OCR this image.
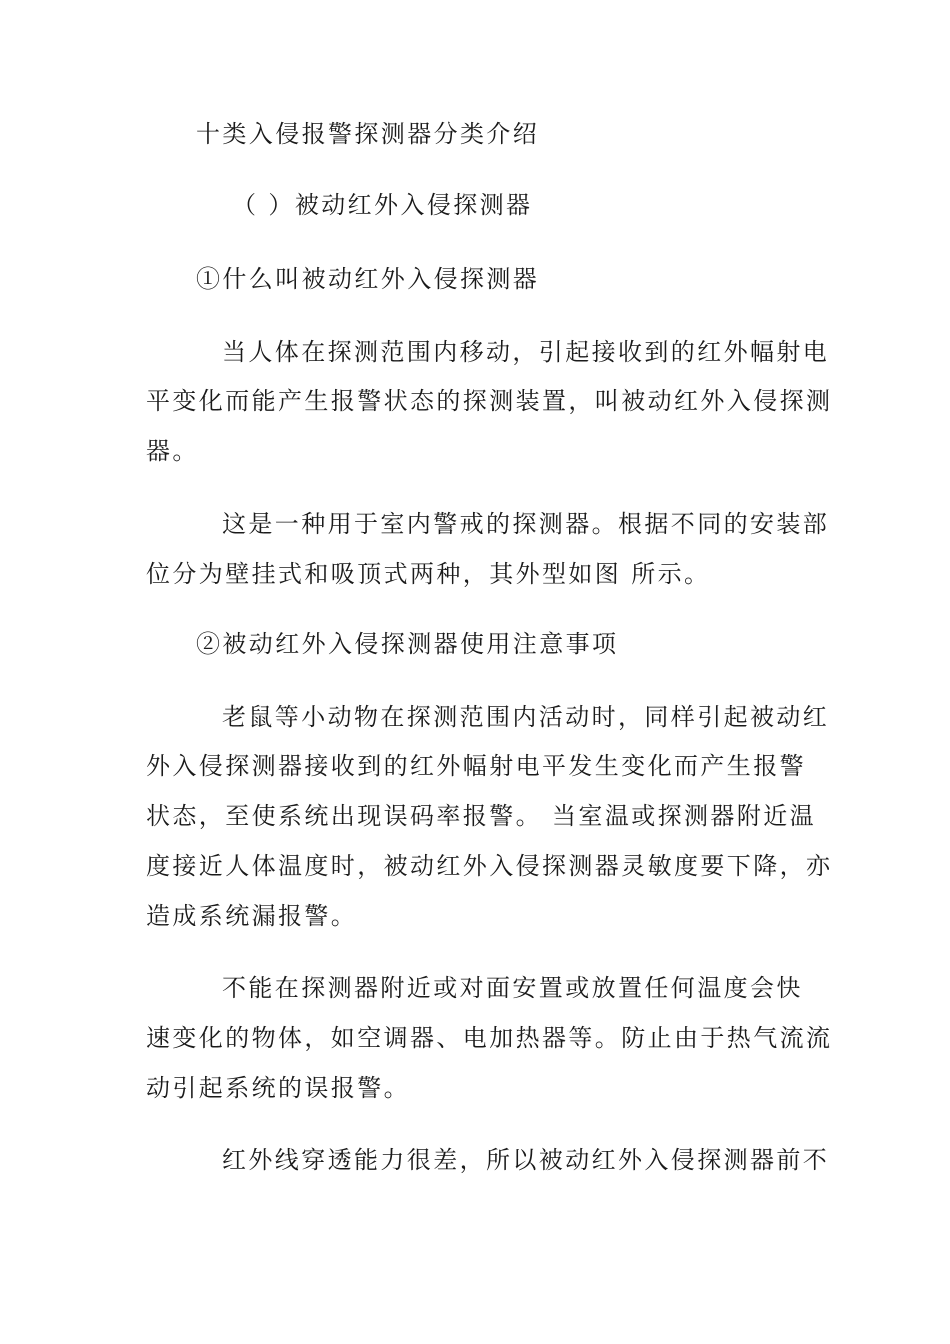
十类入侵报警探测器分类介绍
（ ）被动红外入侵探测器
①什么叫被动红外入侵探测器
当人体在探测范围内移动，引起接收到的红外幅射电
平变化而能产生报警状态的探测装置，叫被动红外入侵探测
器。
这是一种用于室内警戒的探测器。根据不同的安装部
位分为壁挂式和吸顶式两种，其外型如图 所示。
②被动红外入侵探测器使用注意事项
老鼠等小动物在探测范围内活动时，同样引起被动红
外入侵探测器接收到的红外幅射电平发生变化而产生报警
状态，至使系统出现误码率报警。 当室温或探测器附近温
度接近人体温度时，被动红外入侵探测器灵敏度要下降，亦
造成系统漏报警。
不能在探测器附近或对面安置或放置任何温度会快
速变化的物体，如空调器、电加热器等。防止由于热气流流
动引起系统的误报警。
红外线穿透能力很差，所以被动红外入侵探测器前不
